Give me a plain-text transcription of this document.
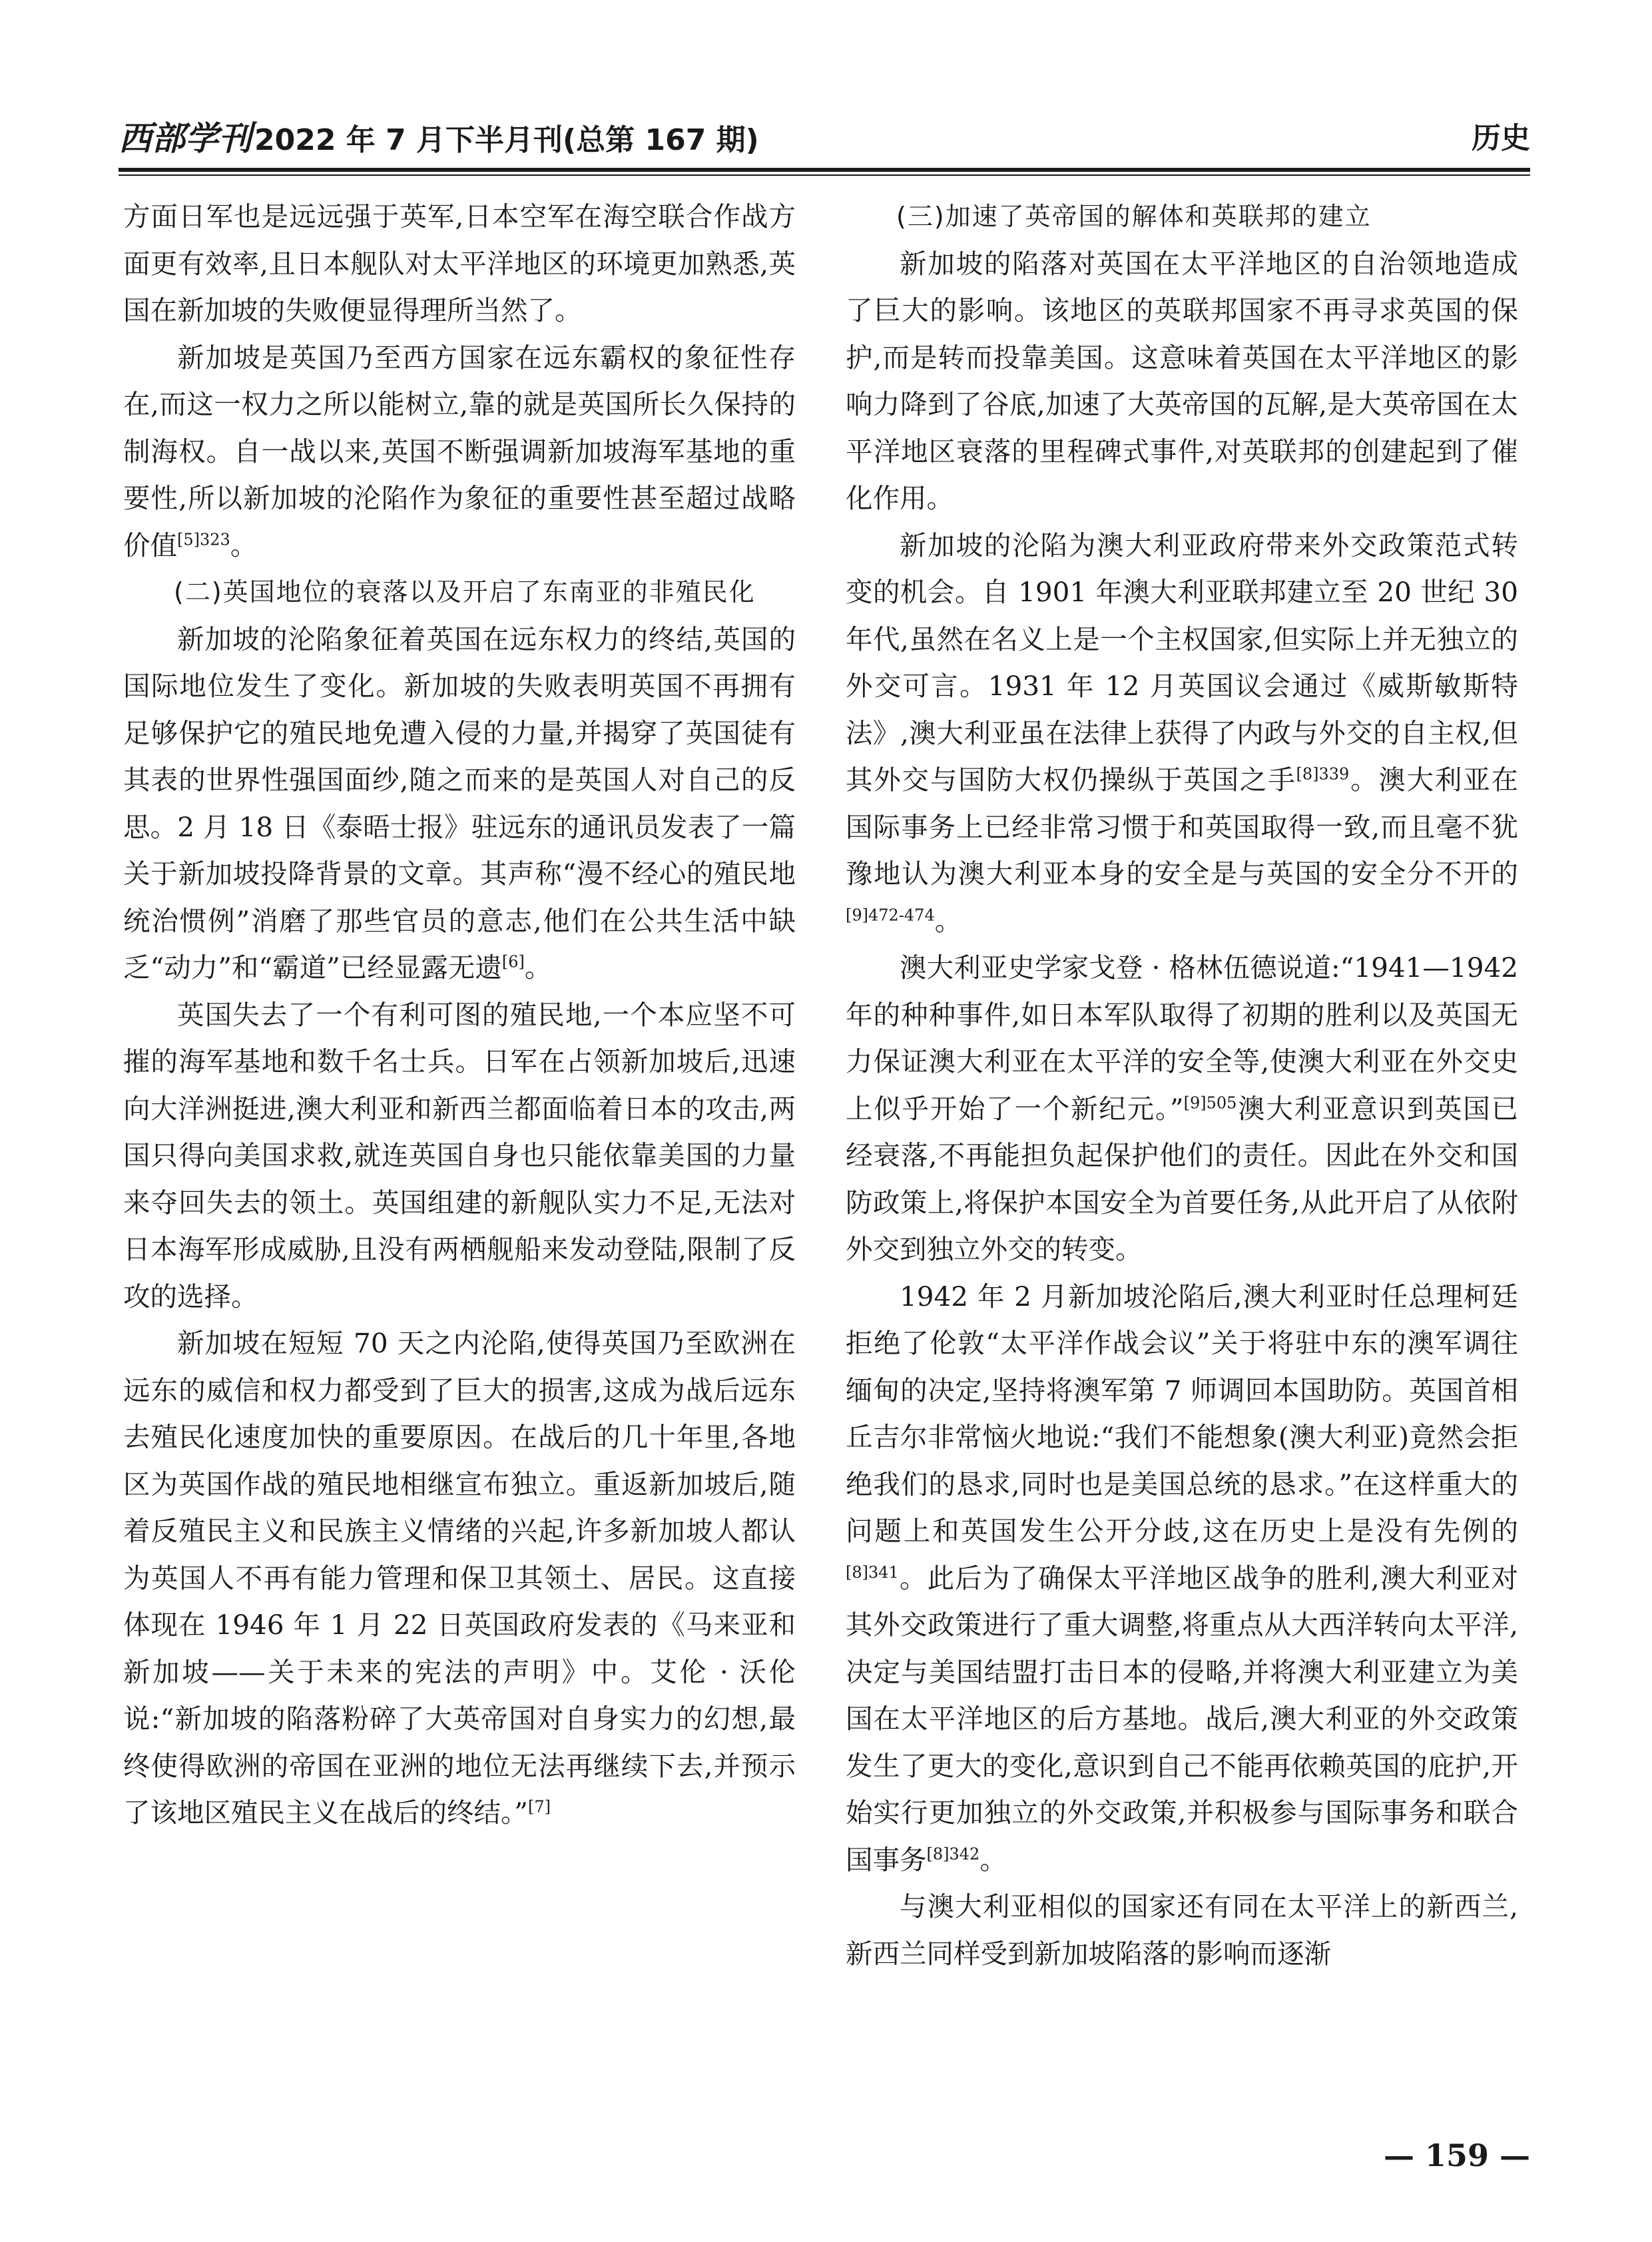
西部学刊2022 年 7 月下半月刊(总第 167 期)	历史

方面日军也是远远强于英军,日本空军在海空联合作战方面更有效率,且日本舰队对太平洋地区的环境更加熟悉,英国在新加坡的失败便显得理所当然了。

新加坡是英国乃至西方国家在远东霸权的象征性存在,而这一权力之所以能树立,靠的就是英国所长久保持的制海权。自一战以来,英国不断强调新加坡海军基地的重要性,所以新加坡的沦陷作为象征的重要性甚至超过战略价值$^{[5]323}$。

(二)英国地位的衰落以及开启了东南亚的非殖民化

新加坡的沦陷象征着英国在远东权力的终结,英国的国际地位发生了变化。新加坡的失败表明英国不再拥有足够保护它的殖民地免遭入侵的力量,并揭穿了英国徒有其表的世界性强国面纱,随之而来的是英国人对自己的反思。2 月 18 日《泰晤士报》驻远东的通讯员发表了一篇关于新加坡投降背景的文章。其声称“漫不经心的殖民地统治惯例”消磨了那些官员的意志,他们在公共生活中缺乏“动力”和“霸道”已经显露无遗[6]。

英国失去了一个有利可图的殖民地,一个本应坚不可摧的海军基地和数千名士兵。日军在占领新加坡后,迅速向大洋洲挺进,澳大利亚和新西兰都面临着日本的攻击,两国只得向美国求救,就连英国自身也只能依靠美国的力量来夺回失去的领土。英国组建的新舰队实力不足,无法对日本海军形成威胁,且没有两栖舰船来发动登陆,限制了反攻的选择。

新加坡在短短 70 天之内沦陷,使得英国乃至欧洲在远东的威信和权力都受到了巨大的损害,这成为战后远东去殖民化速度加快的重要原因。在战后的几十年里,各地区为英国作战的殖民地相继宣布独立。重返新加坡后,随着反殖民主义和民族主义情绪的兴起,许多新加坡人都认为英国人不再有能力管理和保卫其领土、居民。这直接体现在 1946 年 1 月 22 日英国政府发表的《马来亚和新加坡——关于未来的宪法的声明》中。艾伦 · 沃伦说:“新加坡的陷落粉碎了大英帝国对自身实力的幻想,最终使得欧洲的帝国在亚洲的地位无法再继续下去,并预示了该地区殖民主义在战后的终结。”[7]

(三)加速了英帝国的解体和英联邦的建立

新加坡的陷落对英国在太平洋地区的自治领地造成了巨大的影响。该地区的英联邦国家不再寻求英国的保护,而是转而投靠美国。这意味着英国在太平洋地区的影响力降到了谷底,加速了大英帝国的瓦解,是大英帝国在太平洋地区衰落的里程碑式事件,对英联邦的创建起到了催化作用。

新加坡的沦陷为澳大利亚政府带来外交政策范式转变的机会。自 1901 年澳大利亚联邦建立至 20 世纪 30 年代,虽然在名义上是一个主权国家,但实际上并无独立的外交可言。1931 年 12 月英国议会通过《威斯敏斯特法》,澳大利亚虽在法律上获得了内政与外交的自主权,但其外交与国防大权仍操纵于英国之手$^{[8]339}$。澳大利亚在国际事务上已经非常习惯于和英国取得一致,而且毫不犹豫地认为澳大利亚本身的安全是与英国的安全分不开的$^{[9]472-474}$。

澳大利亚史学家戈登 · 格林伍德说道:“1941—1942 年的种种事件,如日本军队取得了初期的胜利以及英国无力保证澳大利亚在太平洋的安全等,使澳大利亚在外交史上似乎开始了一个新纪元。”$^{[9]505}$澳大利亚意识到英国已经衰落,不再能担负起保护他们的责任。因此在外交和国防政策上,将保护本国安全为首要任务,从此开启了从依附外交到独立外交的转变。

1942 年 2 月新加坡沦陷后,澳大利亚时任总理柯廷拒绝了伦敦“太平洋作战会议”关于将驻中东的澳军调往缅甸的决定,坚持将澳军第 7 师调回本国助防。英国首相丘吉尔非常恼火地说:“我们不能想象(澳大利亚)竟然会拒绝我们的恳求,同时也是美国总统的恳求。”在这样重大的问题上和英国发生公开分歧,这在历史上是没有先例的$^{[8]341}$。此后为了确保太平洋地区战争的胜利,澳大利亚对其外交政策进行了重大调整,将重点从大西洋转向太平洋,决定与美国结盟打击日本的侵略,并将澳大利亚建立为美国在太平洋地区的后方基地。战后,澳大利亚的外交政策发生了更大的变化,意识到自己不能再依赖英国的庇护,开始实行更加独立的外交政策,并积极参与国际事务和联合国事务$^{[8]342}$。

与澳大利亚相似的国家还有同在太平洋上的新西兰,新西兰同样受到新加坡陷落的影响而逐渐

— 159 —
